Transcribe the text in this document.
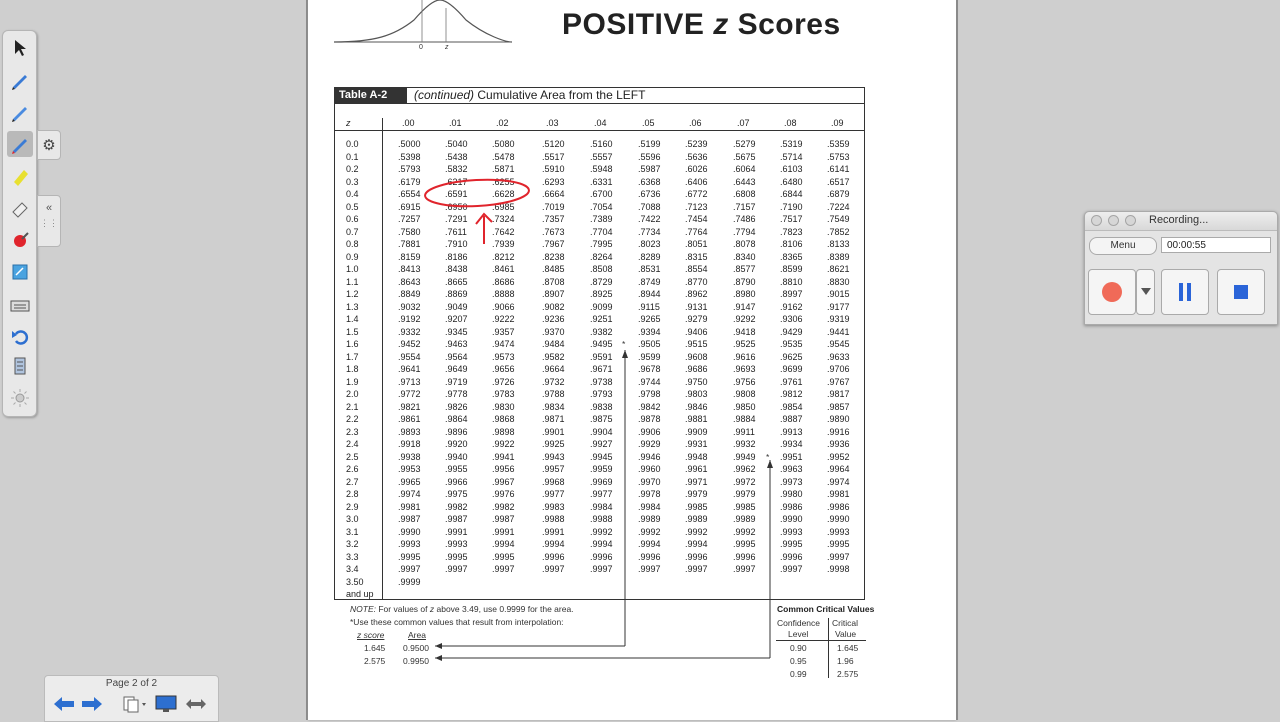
0	z
POSITIVE z Scores
Table A-2	(continued) Cumulative Area from the LEFT
z	.00	.01	.02	.03	.04	.05	.06	.07	.08	.09
0.0	.5000	.5040	.5080	.5120	.5160	.5199	.5239	.5279	.5319	.5359
0.1	.5398	.5438	.5478	.5517	.5557	.5596	.5636	.5675	.5714	.5753
0.2	.5793	.5832	.5871	.5910	.5948	.5987	.6026	.6064	.6103	.6141
0.3	.6179	.6217	.6255	.6293	.6331	.6368	.6406	.6443	.6480	.6517
0.4	.6554	.6591	.6628	.6664	.6700	.6736	.6772	.6808	.6844	.6879
0.5	.6915	.6950	.6985	.7019	.7054	.7088	.7123	.7157	.7190	.7224
0.6	.7257	.7291	.7324	.7357	.7389	.7422	.7454	.7486	.7517	.7549
0.7	.7580	.7611	.7642	.7673	.7704	.7734	.7764	.7794	.7823	.7852
0.8	.7881	.7910	.7939	.7967	.7995	.8023	.8051	.8078	.8106	.8133
0.9	.8159	.8186	.8212	.8238	.8264	.8289	.8315	.8340	.8365	.8389
1.0	.8413	.8438	.8461	.8485	.8508	.8531	.8554	.8577	.8599	.8621
1.1	.8643	.8665	.8686	.8708	.8729	.8749	.8770	.8790	.8810	.8830
1.2	.8849	.8869	.8888	.8907	.8925	.8944	.8962	.8980	.8997	.9015
1.3	.9032	.9049	.9066	.9082	.9099	.9115	.9131	.9147	.9162	.9177
1.4	.9192	.9207	.9222	.9236	.9251	.9265	.9279	.9292	.9306	.9319
1.5	.9332	.9345	.9357	.9370	.9382	.9394	.9406	.9418	.9429	.9441
1.6	.9452	.9463	.9474	.9484	.9495	.9505	.9515	.9525	.9535	.9545
1.7	.9554	.9564	.9573	.9582	.9591	.9599	.9608	.9616	.9625	.9633
1.8	.9641	.9649	.9656	.9664	.9671	.9678	.9686	.9693	.9699	.9706
1.9	.9713	.9719	.9726	.9732	.9738	.9744	.9750	.9756	.9761	.9767
2.0	.9772	.9778	.9783	.9788	.9793	.9798	.9803	.9808	.9812	.9817
2.1	.9821	.9826	.9830	.9834	.9838	.9842	.9846	.9850	.9854	.9857
2.2	.9861	.9864	.9868	.9871	.9875	.9878	.9881	.9884	.9887	.9890
2.3	.9893	.9896	.9898	.9901	.9904	.9906	.9909	.9911	.9913	.9916
2.4	.9918	.9920	.9922	.9925	.9927	.9929	.9931	.9932	.9934	.9936
2.5	.9938	.9940	.9941	.9943	.9945	.9946	.9948	.9949	.9951	.9952
2.6	.9953	.9955	.9956	.9957	.9959	.9960	.9961	.9962	.9963	.9964
2.7	.9965	.9966	.9967	.9968	.9969	.9970	.9971	.9972	.9973	.9974
2.8	.9974	.9975	.9976	.9977	.9977	.9978	.9979	.9979	.9980	.9981
2.9	.9981	.9982	.9982	.9983	.9984	.9984	.9985	.9985	.9986	.9986
3.0	.9987	.9987	.9987	.9988	.9988	.9989	.9989	.9989	.9990	.9990
3.1	.9990	.9991	.9991	.9991	.9992	.9992	.9992	.9992	.9993	.9993
3.2	.9993	.9993	.9994	.9994	.9994	.9994	.9994	.9995	.9995	.9995
3.3	.9995	.9995	.9995	.9996	.9996	.9996	.9996	.9996	.9996	.9997
3.4	.9997	.9997	.9997	.9997	.9997	.9997	.9997	.9997	.9997	.9998
3.50	.9999
and up
*
*
NOTE: For values of z above 3.49, use 0.9999 for the area.
*Use these common values that result from interpolation:
z score	Area
1.645 0.9500
2.575 0.9950
Common Critical Values
Confidence Critical
Level	Value
0.90	1.645
0.95	1.96
0.99	2.575
⚙
«
⋮⋮
Page 2 of 2
Recording...
Menu	00:00:55
